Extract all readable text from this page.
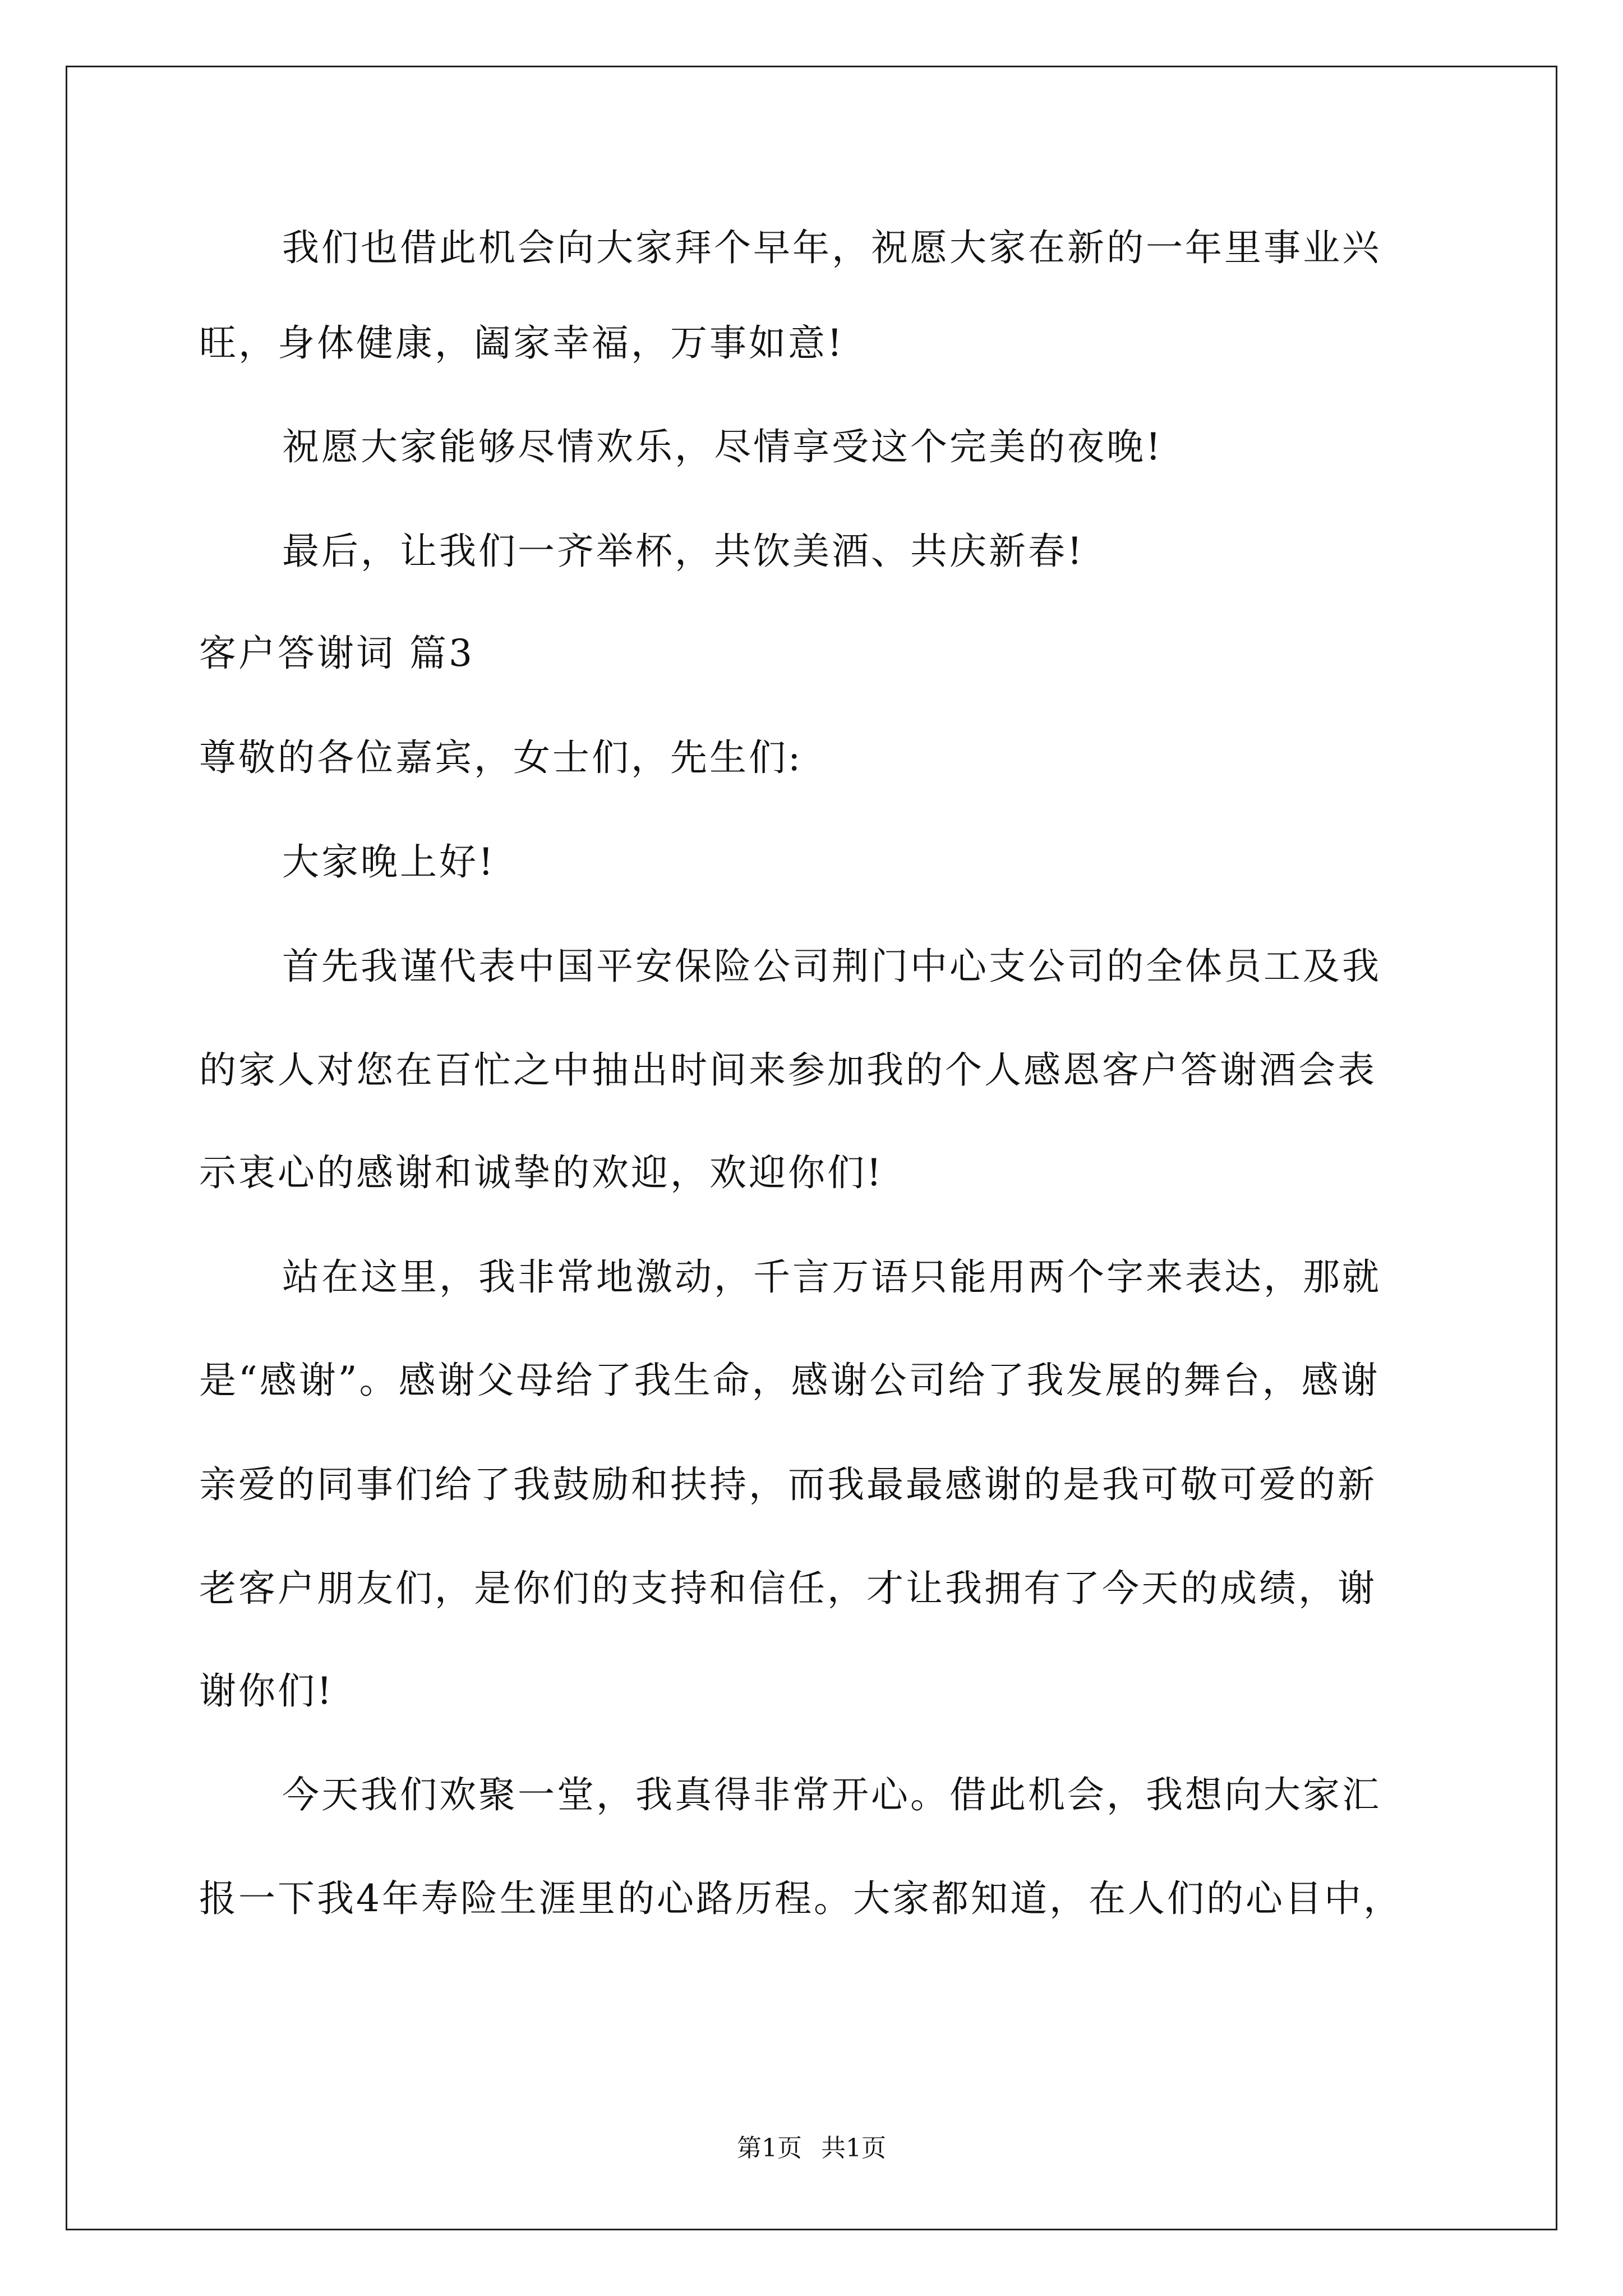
我们也借此机会向大家拜个早年，祝愿大家在新的一年里事业兴
旺，身体健康，阖家幸福，万事如意!
祝愿大家能够尽情欢乐，尽情享受这个完美的夜晚!
最后，让我们一齐举杯，共饮美酒、共庆新春!
客户答谢词 篇3
尊敬的各位嘉宾，女士们，先生们:
大家晚上好!
首先我谨代表中国平安保险公司荆门中心支公司的全体员工及我
的家人对您在百忙之中抽出时间来参加我的个人感恩客户答谢酒会表
示衷心的感谢和诚挚的欢迎，欢迎你们!
站在这里，我非常地激动，千言万语只能用两个字来表达，那就
是“感谢”。感谢父母给了我生命，感谢公司给了我发展的舞台，感谢
亲爱的同事们给了我鼓励和扶持，而我最最感谢的是我可敬可爱的新
老客户朋友们，是你们的支持和信任，才让我拥有了今天的成绩，谢
谢你们!
今天我们欢聚一堂，我真得非常开心。借此机会，我想向大家汇
报一下我4年寿险生涯里的心路历程。大家都知道，在人们的心目中，
第1页 共1页
